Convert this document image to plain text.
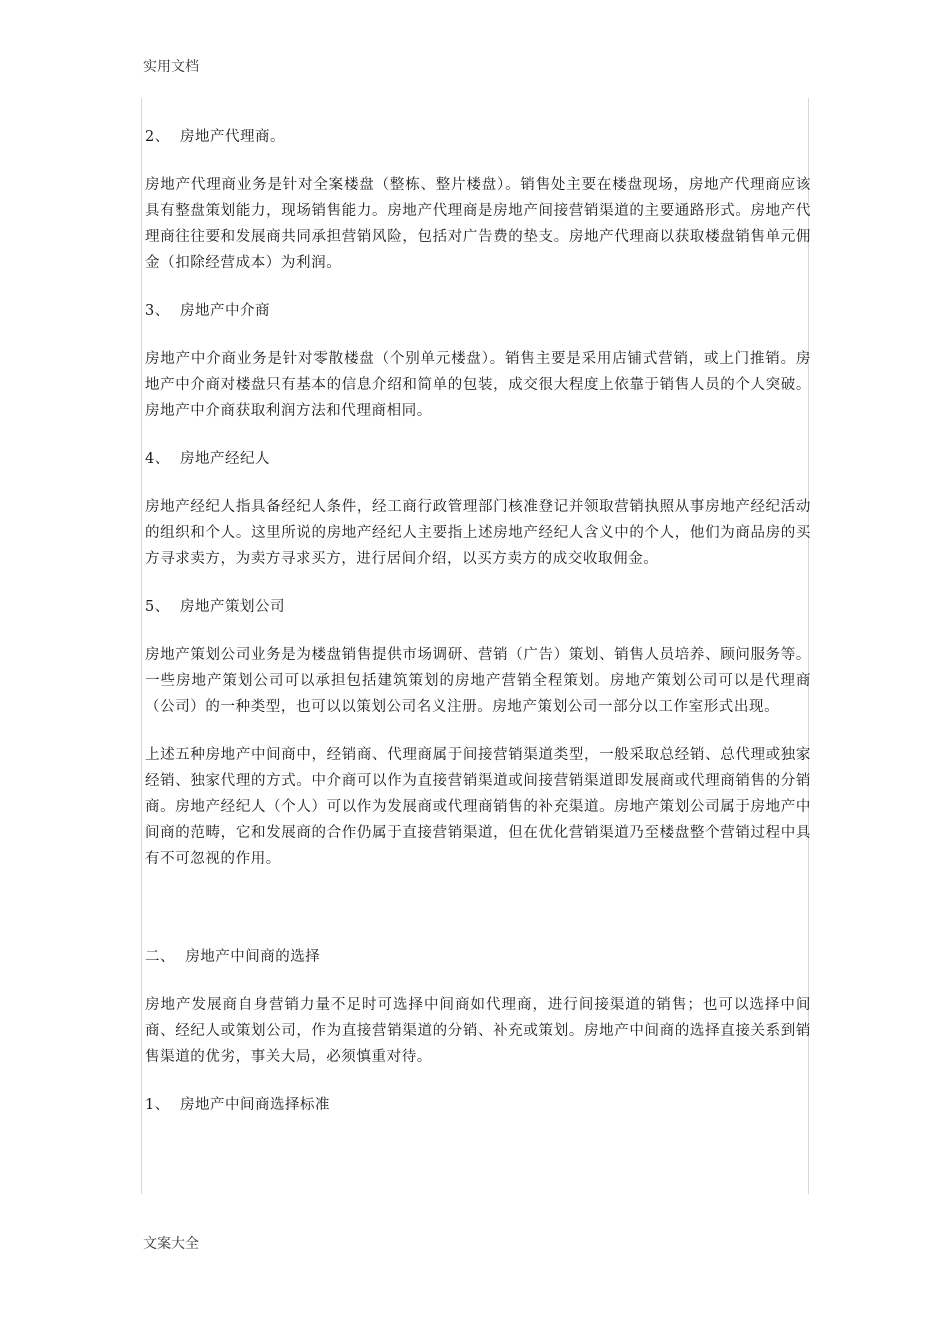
实用文档

2、  房地产代理商。

房地产代理商业务是针对全案楼盘（整栋、整片楼盘）。销售处主要在楼盘现场，房地产代理商应该具有整盘策划能力，现场销售能力。房地产代理商是房地产间接营销渠道的主要通路形式。房地产代理商往往要和发展商共同承担营销风险，包括对广告费的垫支。房地产代理商以获取楼盘销售单元佣金（扣除经营成本）为利润。

3、  房地产中介商

房地产中介商业务是针对零散楼盘（个别单元楼盘）。销售主要是采用店铺式营销，或上门推销。房地产中介商对楼盘只有基本的信息介绍和简单的包装，成交很大程度上依靠于销售人员的个人突破。房地产中介商获取利润方法和代理商相同。

4、  房地产经纪人

房地产经纪人指具备经纪人条件，经工商行政管理部门核准登记并领取营销执照从事房地产经纪活动的组织和个人。这里所说的房地产经纪人主要指上述房地产经纪人含义中的个人，他们为商品房的买方寻求卖方，为卖方寻求买方，进行居间介绍，以买方卖方的成交收取佣金。

5、  房地产策划公司

房地产策划公司业务是为楼盘销售提供市场调研、营销（广告）策划、销售人员培养、顾问服务等。一些房地产策划公司可以承担包括建筑策划的房地产营销全程策划。房地产策划公司可以是代理商（公司）的一种类型，也可以以策划公司名义注册。房地产策划公司一部分以工作室形式出现。

上述五种房地产中间商中，经销商、代理商属于间接营销渠道类型，一般采取总经销、总代理或独家经销、独家代理的方式。中介商可以作为直接营销渠道或间接营销渠道即发展商或代理商销售的分销商。房地产经纪人（个人）可以作为发展商或代理商销售的补充渠道。房地产策划公司属于房地产中间商的范畴，它和发展商的合作仍属于直接营销渠道，但在优化营销渠道乃至楼盘整个营销过程中具有不可忽视的作用。

二、  房地产中间商的选择

房地产发展商自身营销力量不足时可选择中间商如代理商，进行间接渠道的销售；也可以选择中间商、经纪人或策划公司，作为直接营销渠道的分销、补充或策划。房地产中间商的选择直接关系到销售渠道的优劣，事关大局，必须慎重对待。

1、  房地产中间商选择标准

文案大全
